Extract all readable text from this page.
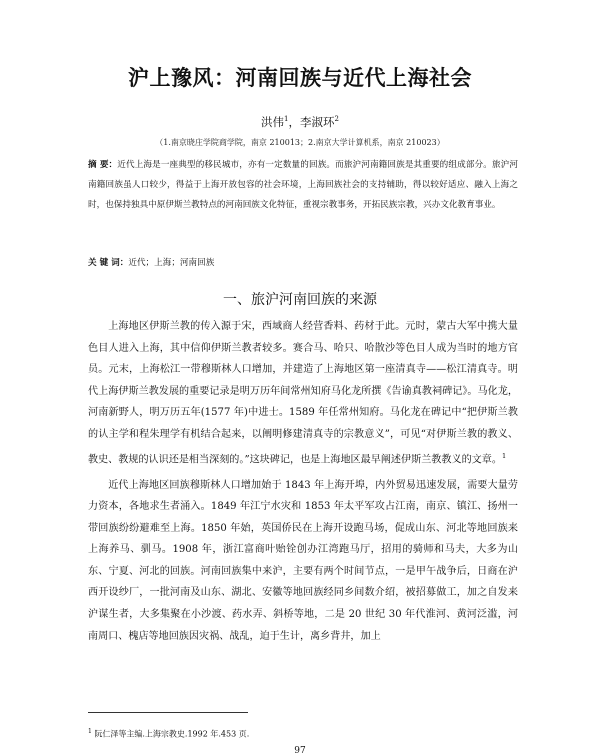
沪上豫风：河南回族与近代上海社会
洪伟$^1$，李淑环$^2$
（1.南京晓庄学院商学院，南京 210013；2.南京大学计算机系，南京 210023）
摘 要：近代上海是一座典型的移民城市，亦有一定数量的回族。而旅沪河南籍回族是其重要的组成部分。旅沪河南籍回族虽人口较少，得益于上海开放包容的社会环境，上海回族社会的支持辅助，得以较好适应、融入上海之时，也保持独具中原伊斯兰教特点的河南回族文化特征，重视宗教事务，开拓民族宗教，兴办文化教育事业。
关 键 词：近代；上海；河南回族
一、旅沪河南回族的来源

上海地区伊斯兰教的传入源于宋，西域商人经营香料、药材于此。元时，蒙古大军中携大量色目人进入上海，其中信仰伊斯兰教者较多。赛合马、哈只、哈散沙等色目人成为当时的地方官员。元末，上海松江一带穆斯林人口增加，并建造了上海地区第一座清真寺——松江清真寺。明代上海伊斯兰教发展的重要记录是明万历年间常州知府马化龙所撰《告谕真教祠碑记》。马化龙，河南新野人，明万历五年(1577 年)中进士。1589 年任常州知府。马化龙在碑记中“把伊斯兰教的认主学和程朱理学有机结合起来，以阐明修建清真寺的宗教意义”，可见“对伊斯兰教的教义、教史、教规的认识还是相当深刻的。”这块碑记，也是上海地区最早阐述伊斯兰教教义的文章。$^1$

近代上海地区回族穆斯林人口增加始于 1843 年上海开埠，内外贸易迅速发展，需要大量劳力资本，各地求生者涌入。1849 年江宁水灾和 1853 年太平军攻占江南，南京、镇江、扬州一带回族纷纷避难至上海。1850 年始，英国侨民在上海开设跑马场，促成山东、河北等地回族来上海养马、驯马。1908 年，浙江富商叶贻铨创办江湾跑马厅，招用的骑师和马夫，大多为山东、宁夏、河北的回族。河南回族集中来沪，主要有两个时间节点，一是甲午战争后，日商在沪西开设纱厂，一批河南及山东、湖北、安徽等地回族经同乡间数介绍，被招募做工，加之自发来沪谋生者，大多集聚在小沙渡、药水弄、斜桥等地，二是 20 世纪 30 年代淮河、黄河泛滥，河南周口、槐店等地回族因灾祸、战乱，迫于生计，离乡背井，加上

$^1$ 阮仁泽等主编.上海宗教史.1992 年.453 页.
97
